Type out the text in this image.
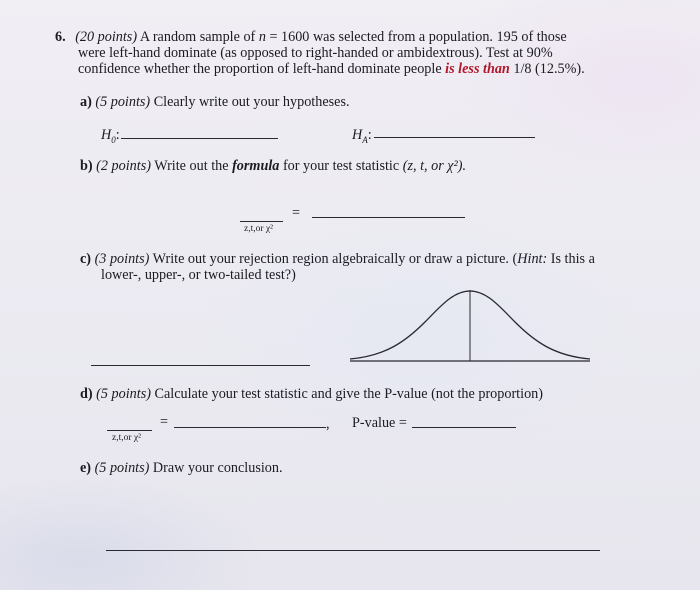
6. (20 points) A random sample of n = 1600 was selected from a population. 195 of those
were left-hand dominate (as opposed to right-handed or ambidextrous). Test at 90%
confidence whether the proportion of left-hand dominate people is less than 1/8 (12.5%).
a) (5 points) Clearly write out your hypotheses.
$H_0$:	$H_A$:
b) (2 points) Write out the formula for your test statistic (z, t, or χ²).
z,t,or χ²
=
c) (3 points) Write out your rejection region algebraically or draw a picture. (Hint: Is this a
lower-, upper-, or two-tailed test?)
d) (5 points) Calculate your test statistic and give the P-value (not the proportion)
z,t,or χ²
=	, P-value =
e) (5 points) Draw your conclusion.
